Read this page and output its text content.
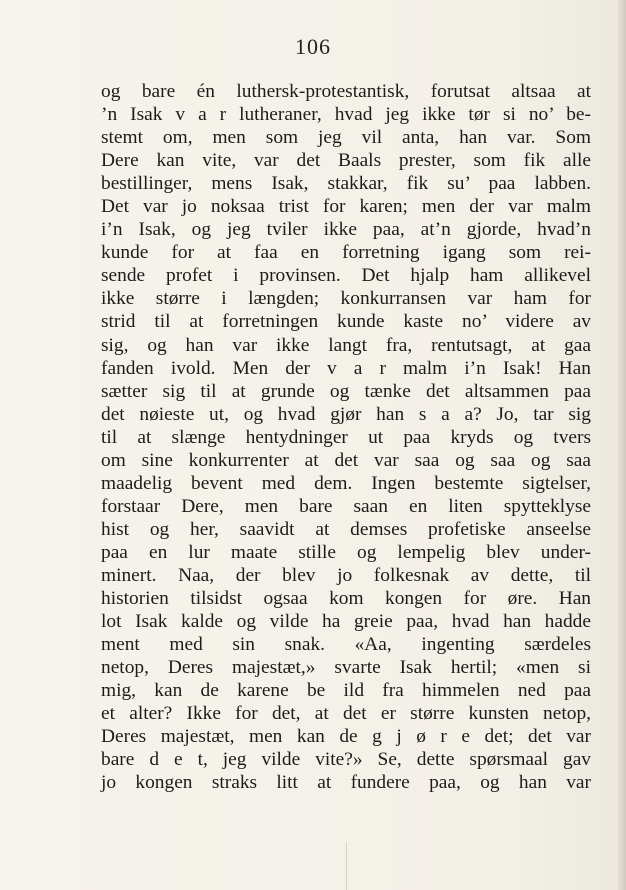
106
og bare én luthersk-protestantisk, forutsat altsaa at
’n Isak v a r lutheraner, hvad jeg ikke tør si no’ be-
stemt om, men som jeg vil anta, han var. Som
Dere kan vite, var det Baals prester, som fik alle
bestillinger, mens Isak, stakkar, fik su’ paa labben.
Det var jo noksaa trist for karen; men der var malm
i’n Isak, og jeg tviler ikke paa, at’n gjorde, hvad’n
kunde for at faa en forretning igang som rei-
sende profet i provinsen. Det hjalp ham allikevel
ikke større i længden; konkurransen var ham for
strid til at forretningen kunde kaste no’ videre av
sig, og han var ikke langt fra, rentutsagt, at gaa
fanden ivold. Men der v a r malm i’n Isak! Han
sætter sig til at grunde og tænke det altsammen paa
det nøieste ut, og hvad gjør han s a a? Jo, tar sig
til at slænge hentydninger ut paa kryds og tvers
om sine konkurrenter at det var saa og saa og saa
maadelig bevent med dem. Ingen bestemte sigtelser,
forstaar Dere, men bare saan en liten spytteklyse
hist og her, saavidt at demses profetiske anseelse
paa en lur maate stille og lempelig blev under-
minert. Naa, der blev jo folkesnak av dette, til
historien tilsidst ogsaa kom kongen for øre. Han
lot Isak kalde og vilde ha greie paa, hvad han hadde
ment med sin snak. «Aa, ingenting særdeles
netop, Deres majestæt,» svarte Isak hertil; «men si
mig, kan de karene be ild fra himmelen ned paa
et alter? Ikke for det, at det er større kunsten netop,
Deres majestæt, men kan de g j ø r e det; det var
bare d e t, jeg vilde vite?» Se, dette spørsmaal gav
jo kongen straks litt at fundere paa, og han var
